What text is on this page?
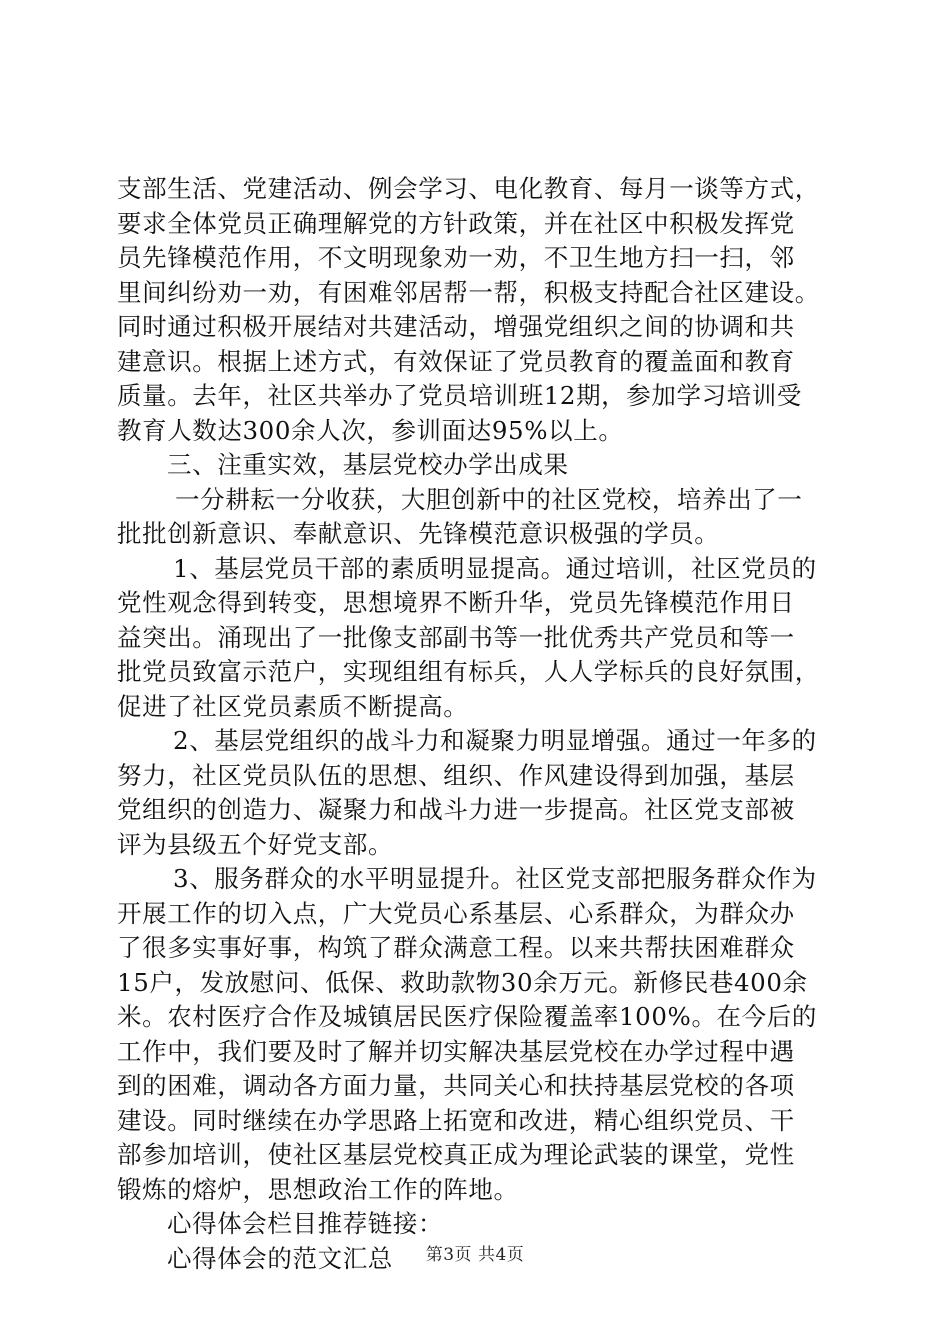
支部生活、党建活动、例会学习、电化教育、每月一谈等方式，
要求全体党员正确理解党的方针政策，并在社区中积极发挥党
员先锋模范作用，不文明现象劝一劝，不卫生地方扫一扫，邻
里间纠纷劝一劝，有困难邻居帮一帮，积极支持配合社区建设。
同时通过积极开展结对共建活动，增强党组织之间的协调和共
建意识。根据上述方式，有效保证了党员教育的覆盖面和教育
质量。去年，社区共举办了党员培训班12期，参加学习培训受
教育人数达300余人次，参训面达95%以上。
三、注重实效，基层党校办学出成果
一分耕耘一分收获，大胆创新中的社区党校，培养出了一
批批创新意识、奉献意识、先锋模范意识极强的学员。
1、基层党员干部的素质明显提高。通过培训，社区党员的
党性观念得到转变，思想境界不断升华，党员先锋模范作用日
益突出。涌现出了一批像支部副书等一批优秀共产党员和等一
批党员致富示范户，实现组组有标兵，人人学标兵的良好氛围，
促进了社区党员素质不断提高。
2、基层党组织的战斗力和凝聚力明显增强。通过一年多的
努力，社区党员队伍的思想、组织、作风建设得到加强，基层
党组织的创造力、凝聚力和战斗力进一步提高。社区党支部被
评为县级五个好党支部。
3、服务群众的水平明显提升。社区党支部把服务群众作为
开展工作的切入点，广大党员心系基层、心系群众，为群众办
了很多实事好事，构筑了群众满意工程。以来共帮扶困难群众
15户，发放慰问、低保、救助款物30余万元。新修民巷400余
米。农村医疗合作及城镇居民医疗保险覆盖率100%。在今后的
工作中，我们要及时了解并切实解决基层党校在办学过程中遇
到的困难，调动各方面力量，共同关心和扶持基层党校的各项
建设。同时继续在办学思路上拓宽和改进，精心组织党员、干
部参加培训，使社区基层党校真正成为理论武装的课堂，党性
锻炼的熔炉，思想政治工作的阵地。
心得体会栏目推荐链接：
心得体会的范文汇总	第3页 共4页
